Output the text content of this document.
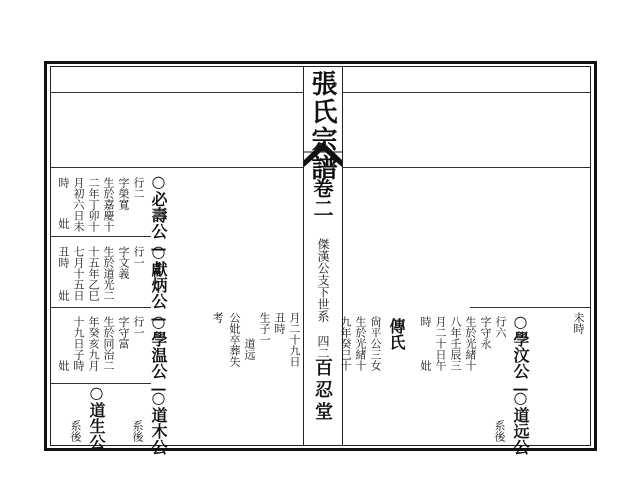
張氏宗譜
卷二
傑漢公支下世系
四二
百忍堂
○必壽公—
行二
字榮寬
生於嘉慶十
二年丁卯十
月初六日未
時
妣
○獻炳公—
行一
字文義
生於道光二
十五年乙巳
七月十五日
丑時
妣
○學温公—
行一
字守富
生於同治二
年癸亥九月
十九日子時
妣
○道木公
系後
○道生公
系後
月二十九日
丑時
生子一
道远
公妣卒葬失
考	未時
○學汶公—
行六
字守永
生於光緒十
八年壬辰三
月二十日午
時
妣
○道远公
系後
傳氏
尙平公三女
生於光緒十
九年癸巳十
